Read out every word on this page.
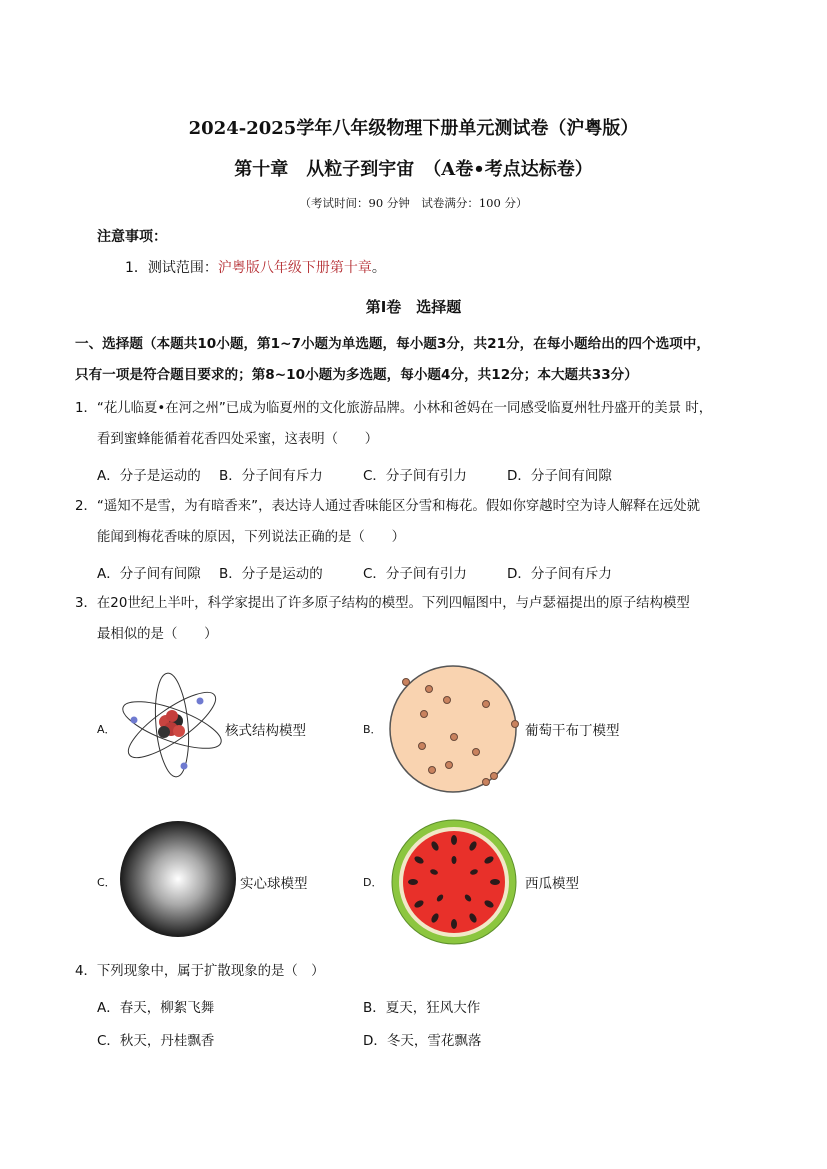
2024-2025学年八年级物理下册单元测试卷（沪粤版）
第十章　从粒子到宇宙　（A卷•考点达标卷）
（考试时间：90 分钟　试卷满分：100 分）
注意事项：
1．测试范围：沪粤版八年级下册第十章。
第Ⅰ卷　选择题
一、选择题（本题共10小题，第1~7小题为单选题，每小题3分，共21分，在每小题给出的四个选项中，
只有一项是符合题目要求的；第8~10小题为多选题，每小题4分，共12分；本大题共33分）
1．“花儿临夏•在河之州”已成为临夏州的文化旅游品牌。小林和爸妈在一同感受临夏州牡丹盛开的美景 时，
看到蜜蜂能循着花香四处采蜜，这表明（　　）
A．分子是运动的 B．分子间有斥力	C．分子间有引力	D．分子间有间隙
2．“遥知不是雪，为有暗香来”，表达诗人通过香味能区分雪和梅花。假如你穿越时空为诗人解释在远处就
能闻到梅花香味的原因，下列说法正确的是（　　）
A．分子间有间隙 B．分子是运动的	C．分子间有引力	D．分子间有斥力
3．在20世纪上半叶，科学家提出了许多原子结构的模型。下列四幅图中，与卢瑟福提出的原子结构模型
最相似的是（　　）
A．	核式结构模型	B．	葡萄干布丁模型
C．	实心球模型	D．	西瓜模型
4．下列现象中，属于扩散现象的是（　）
A．春天，柳絮飞舞	B．夏天，狂风大作
C．秋天，丹桂飘香	D．冬天，雪花飘落
